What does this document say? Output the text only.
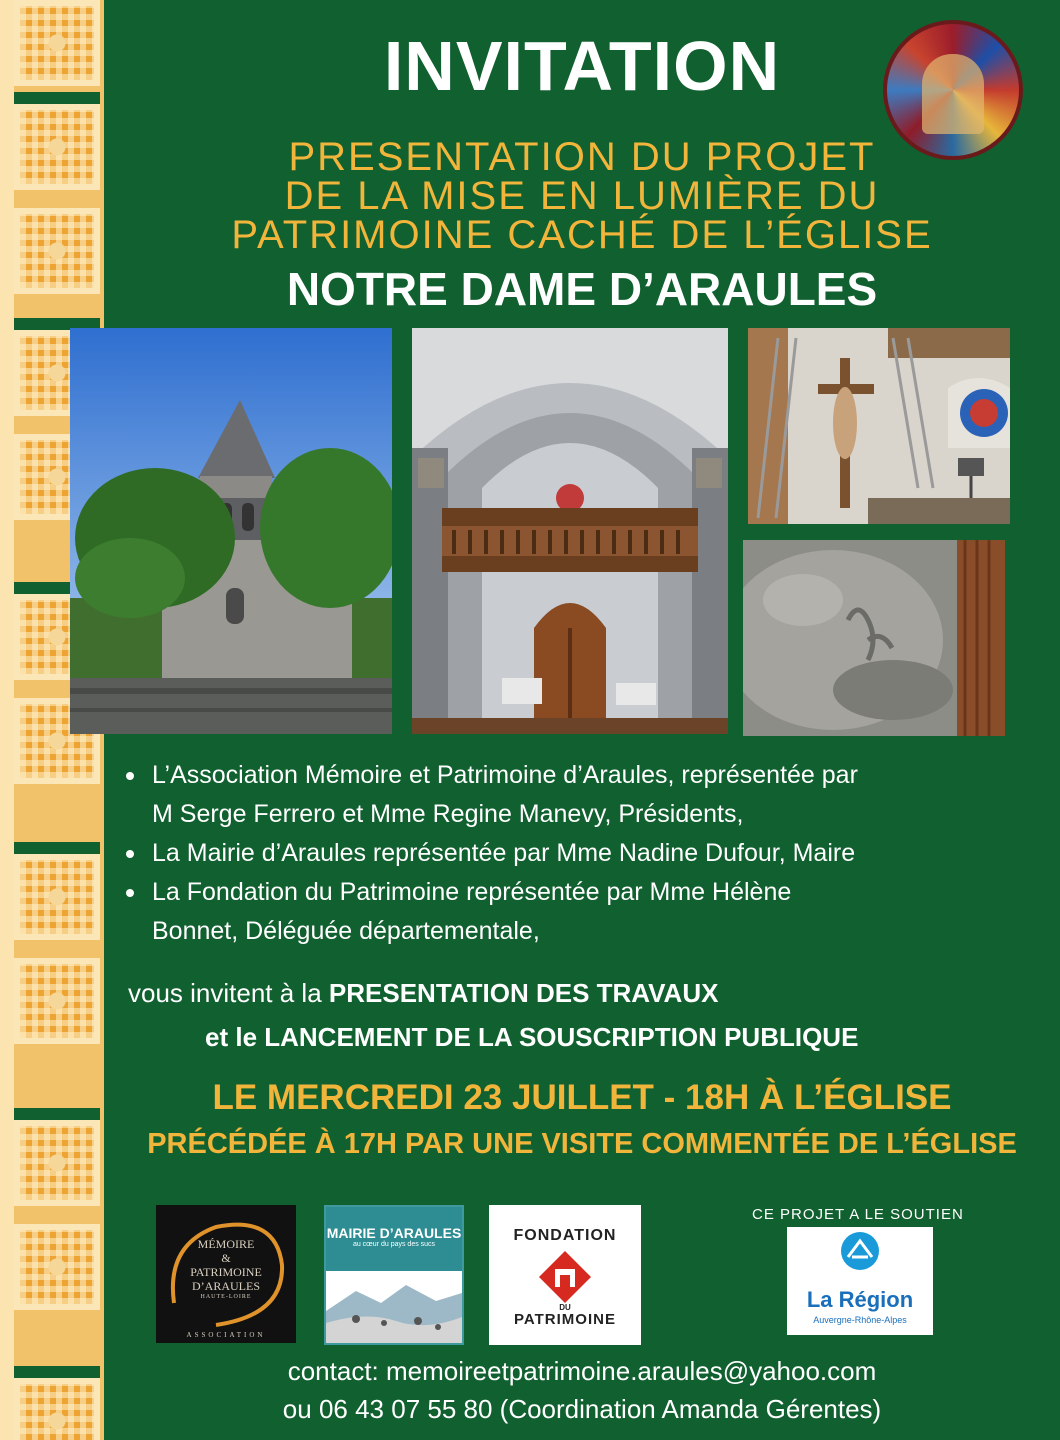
INVITATION
PRESENTATION DU PROJET
DE LA MISE EN LUMIÈRE DU
PATRIMOINE CACHÉ DE L’ÉGLISE
NOTRE DAME D’ARAULES
L’Association Mémoire et Patrimoine d’Araules, représentée par
M Serge Ferrero et Mme Regine Manevy, Présidents,
La Mairie d’Araules représentée par Mme Nadine Dufour, Maire
La Fondation du Patrimoine représentée par Mme Hélène
Bonnet, Déléguée départementale,
vous invitent à la PRESENTATION DES TRAVAUX
et le LANCEMENT DE LA SOUSCRIPTION PUBLIQUE
LE MERCREDI 23 JUILLET - 18H À L’ÉGLISE
PRÉCÉDÉE À 17H PAR UNE VISITE COMMENTÉE DE L’ÉGLISE
MÉMOIRE
&
PATRIMOINE
D’ARAULES
HAUTE-LOIRE
ASSOCIATION
MAIRIE D’ARAULES
au cœur du pays des sucs
FONDATION
DU
PATRIMOINE
CE PROJET A LE SOUTIEN
La Région
Auvergne-Rhône-Alpes
contact: memoireetpatrimoine.araules@yahoo.com
ou 06 43 07 55 80 (Coordination Amanda Gérentes)
